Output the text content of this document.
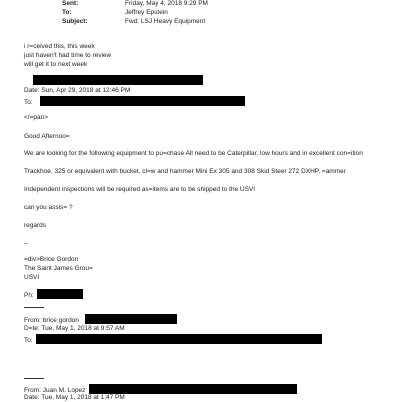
Sent:	Friday, May 4, 2018 9:29 PM
To:	Jeffrey Epstein
Subject:	Fwd: LSJ Heavy Equipment
i r=ceived this, this week
just haven't had time to review
will get it to next week
Date: Sun, Apr 29, 2018 at 12:46 PM
To:
</=pan>
Good Afternoo=
We are looking for the following equipment to pu=chase All need to be Caterpillar, low hours and in excellent con=ition
Trackhoe, 325 or equivalent with bucket, cl=w and hammer Mini Ex 305 and 308 Skid Steer 272 DXHP, =ammer
Independent inspections will be required as=items are to be shipped to the USVI
can you assis= ?
regards
--
=div>Brice Gordon
The Saint James Grou=
USVI
Ph:
From: brice gordon
D=te: Tue, May 1, 2018 at 9:57 AM
To:
From: Juan M. Lopez
Date: Tue, May 1, 2018 at 1:47 PM
